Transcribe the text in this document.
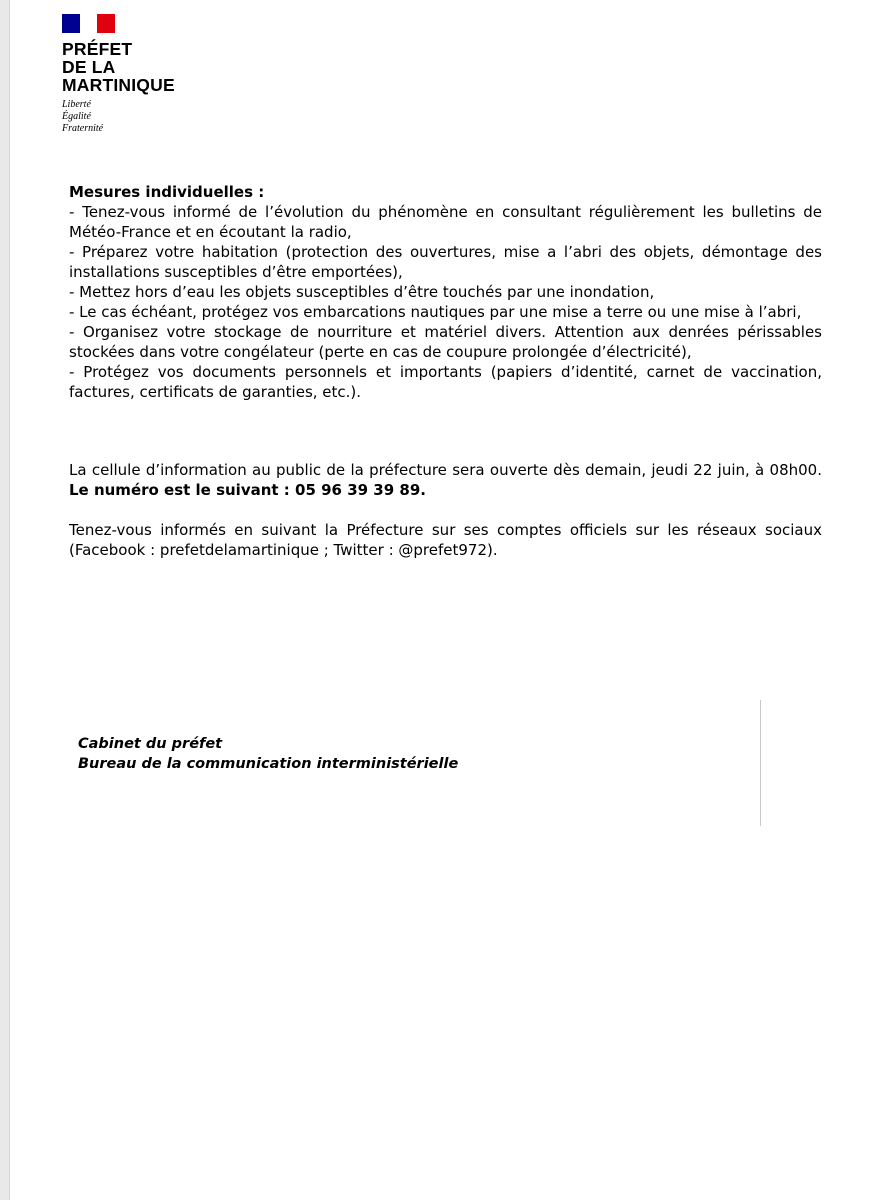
PRÉFET
DE LA
MARTINIQUE
Liberté
Égalité
Fraternité
Mesures individuelles :
- Tenez-vous informé de l’évolution du phénomène en consultant régulièrement les bulletins de Météo-France et en écoutant la radio,
- Préparez votre habitation (protection des ouvertures, mise a l’abri des objets, démontage des installations susceptibles d’être emportées),
- Mettez hors d’eau les objets susceptibles d’être touchés par une inondation,
- Le cas échéant, protégez vos embarcations nautiques par une mise a terre ou une mise à l’abri,
- Organisez votre stockage de nourriture et matériel divers. Attention aux denrées périssables stockées dans votre congélateur (perte en cas de coupure prolongée d’électricité),
- Protégez vos documents personnels et importants (papiers d’identité, carnet de vaccination, factures, certificats de garanties, etc.).
La cellule d’information au public de la préfecture sera ouverte dès demain, jeudi 22 juin, à 08h00. Le numéro est le suivant : 05 96 39 39 89.
Tenez-vous informés en suivant la Préfecture sur ses comptes officiels sur les réseaux sociaux (Facebook : prefetdelamartinique ; Twitter : @prefet972).
Cabinet du préfet
Bureau de la communication interministérielle
